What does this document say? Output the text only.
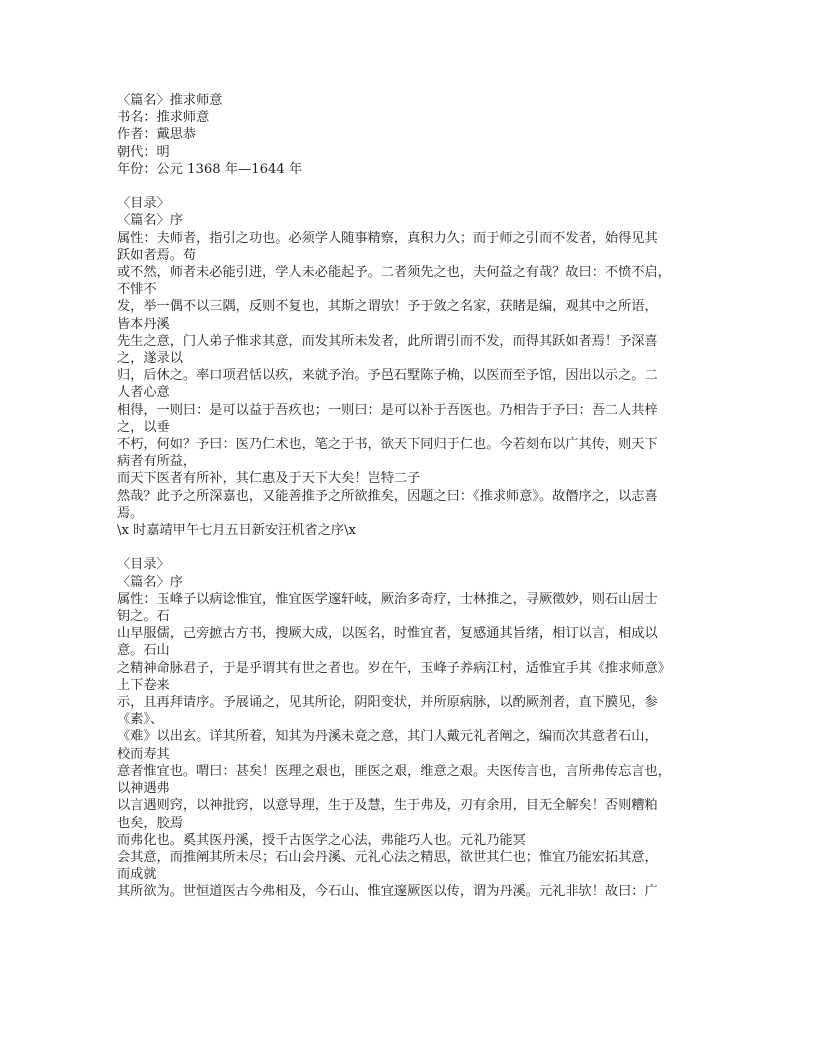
〈篇名〉推求师意
书名：推求师意
作者：戴思恭
朝代：明
年份：公元 1368 年—1644 年
〈目录〉
〈篇名〉序
属性：夫师者，指引之功也。必须学人随事精察，真积力久；而于师之引而不发者，始得见其
跃如者焉。苟
或不然，师者未必能引进，学人未必能起予。二者须先之也，夫何益之有哉？故曰：不愤不启，
不悱不
发，举一偶不以三隅，反则不复也，其斯之谓欤！予于敛之名家，获睹是编，观其中之所语，
皆本丹溪
先生之意，门人弟子惟求其意，而发其所未发者，此所谓引而不发，而得其跃如者焉！予深喜
之，遂录以
归，后休之。率口项君恬以疚，来就予治。予邑石墅陈子桷，以医而至予馆，因出以示之。二
人者心意
相得，一则曰：是可以益于吾疚也；一则曰：是可以补于吾医也。乃相告于予曰：吾二人共梓
之，以垂
不朽，何如？予曰：医乃仁术也，笔之于书，欲天下同归于仁也。今若刻布以广其传，则天下
病者有所益，
而天下医者有所补，其仁惠及于天下大矣！岂特二子
然哉？此予之所深嘉也，又能善推予之所欲推矣，因题之曰：《推求师意》。故僭序之，以志喜
焉。
\x 时嘉靖甲午七月五日新安汪机省之序\x
〈目录〉
〈篇名〉序
属性：玉峰子以病谂惟宜，惟宜医学邃轩岐，厥治多奇疗，士林推之，寻厥徵妙，则石山居士
钥之。石
山早服儒，己旁摭古方书，搜厥大成，以医名，时惟宜者，复感通其旨绪，相订以言，相成以
意。石山
之精神命脉君子，于是乎谓其有世之者也。岁在午，玉峰子养病江村，适惟宜手其《推求师意》
上下卷来
示，且再拜请序。予展诵之，见其所论，阴阳变状，并所原病脉，以酌厥剂者，直下膜见，参
《素》、
《难》以出玄。详其所着，知其为丹溪未竟之意，其门人戴元礼者阐之，编而次其意者石山，
校而寿其
意者惟宜也。喟曰：甚矣！医理之艰也，匪医之艰，维意之艰。夫医传言也，言所弗传忘言也，
以神遇弗
以言遇则窍，以神批窍，以意导理，生于及慧，生于弗及，刃有余用，目无全解矣！否则糟粕
也矣，胶焉
而弗化也。奚其医丹溪，授千古医学之心法，弗能巧人也。元礼乃能冥
会其意，而推阐其所未尽；石山会丹溪、元礼心法之精思，欲世其仁也；惟宜乃能宏拓其意，
而成就
其所欲为。世恒道医古今弗相及，今石山、惟宜邃厥医以传，谓为丹溪。元礼非欤！故曰：广
